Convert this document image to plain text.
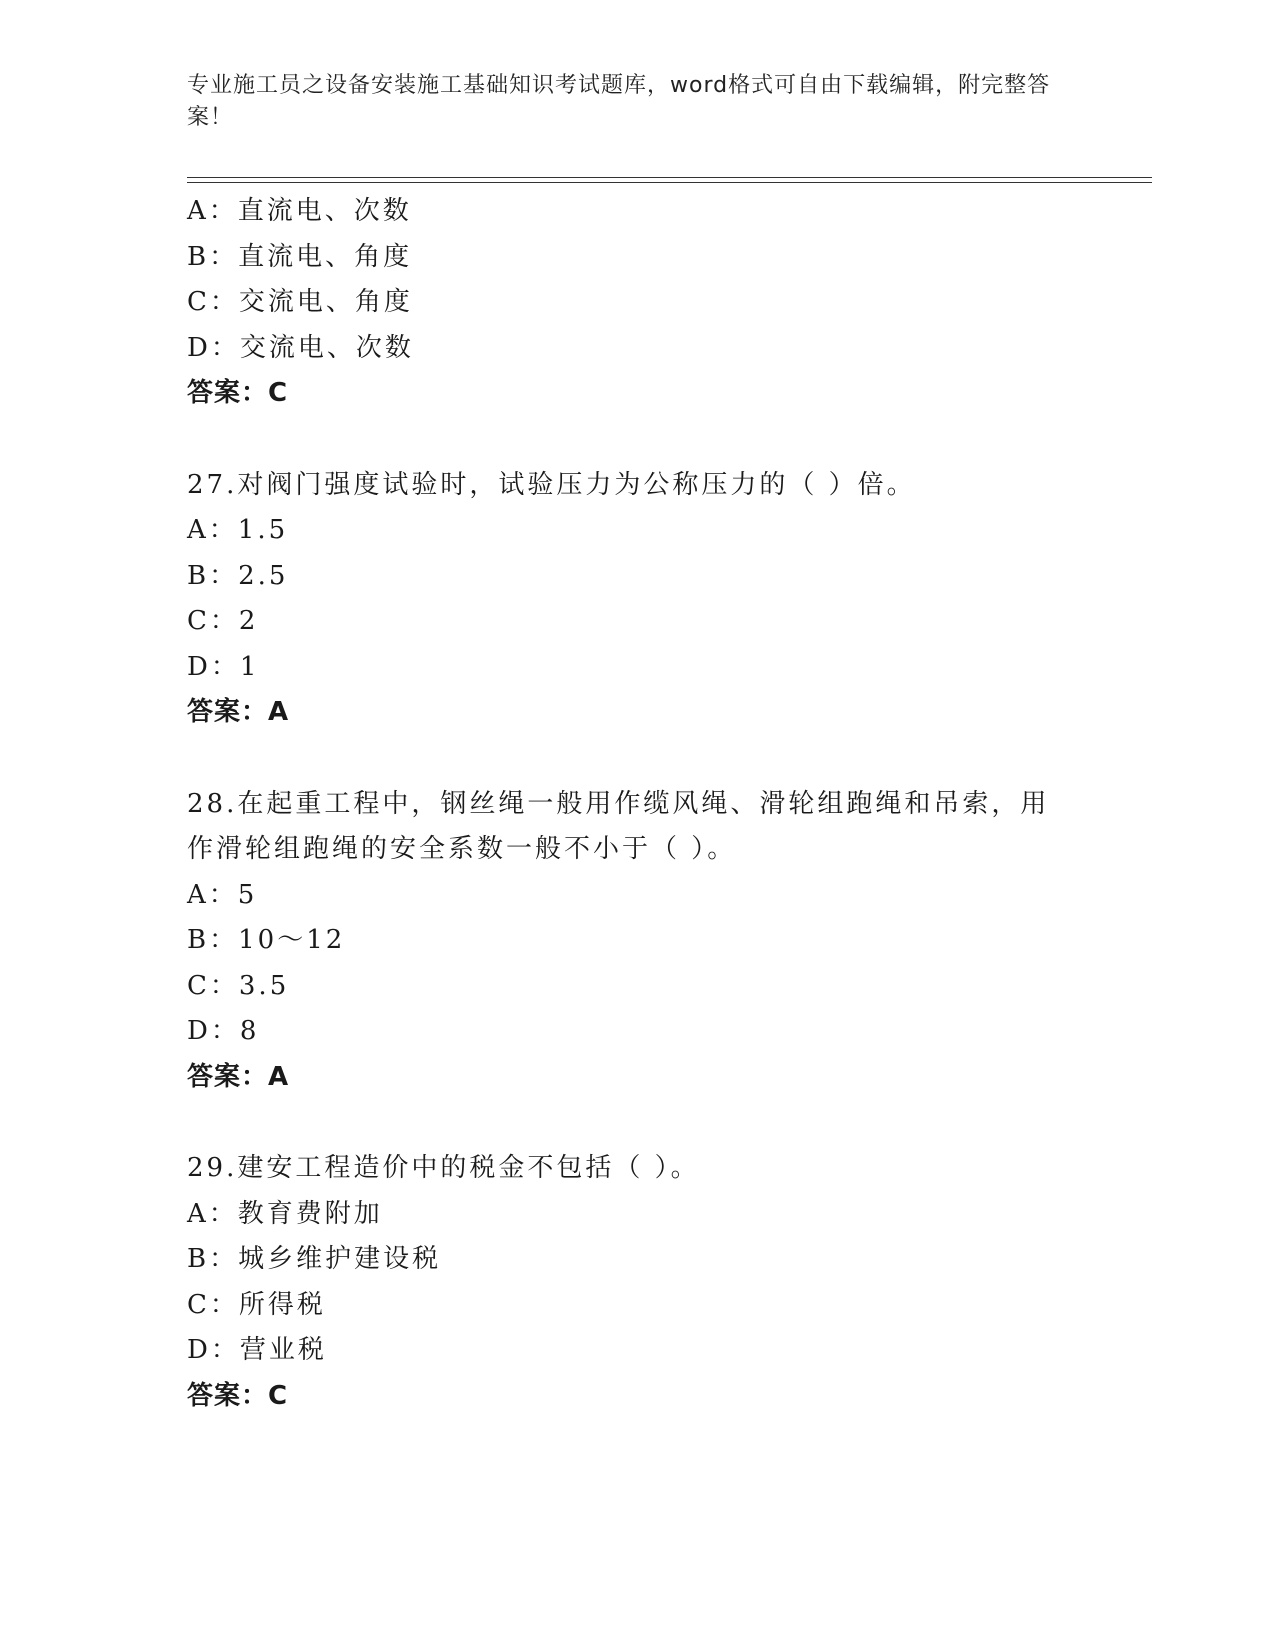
专业施工员之设备安装施工基础知识考试题库，word格式可自由下载编辑，附完整答案！
A：直流电、次数
B：直流电、角度
C：交流电、角度
D：交流电、次数
答案：C
27.对阀门强度试验时，试验压力为公称压力的（ ）倍。
A：1.5
B：2.5
C：2
D：1
答案：A
28.在起重工程中，钢丝绳一般用作缆风绳、滑轮组跑绳和吊索，用作滑轮组跑绳的安全系数一般不小于（ ）。
A：5
B：10～12
C：3.5
D：8
答案：A
29.建安工程造价中的税金不包括（ ）。
A：教育费附加
B：城乡维护建设税
C：所得税
D：营业税
答案：C
